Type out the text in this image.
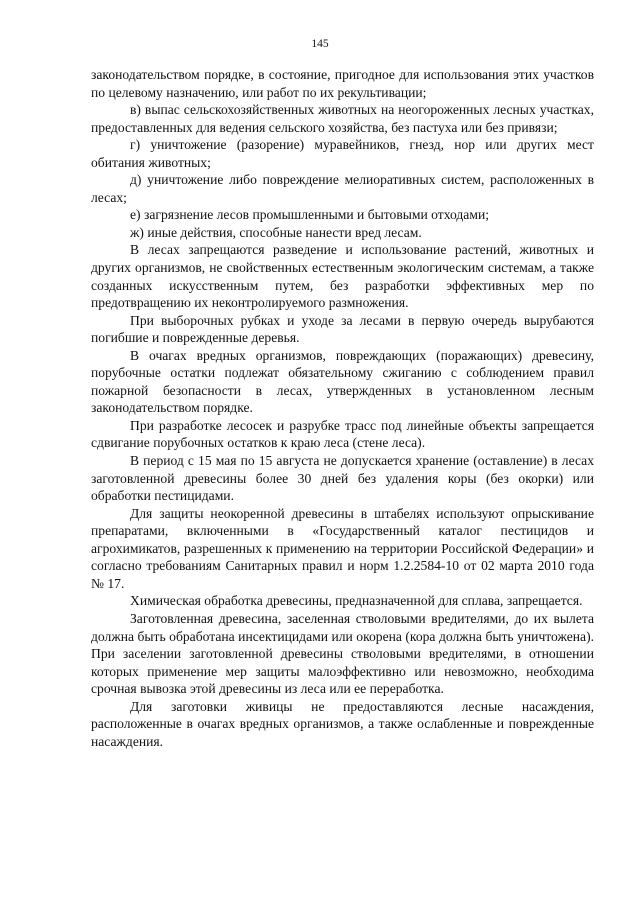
145

законодательством порядке, в состояние, пригодное для использования этих участков по целевому назначению, или работ по их рекультивации;

в) выпас сельскохозяйственных животных на неогороженных лесных участках, предоставленных для ведения сельского хозяйства, без пастуха или без привязи;

г) уничтожение (разорение) муравейников, гнезд, нор или других мест обитания животных;

д) уничтожение либо повреждение мелиоративных систем, расположенных в лесах;

е) загрязнение лесов промышленными и бытовыми отходами;

ж) иные действия, способные нанести вред лесам.

В лесах запрещаются разведение и использование растений, животных и других организмов, не свойственных естественным экологическим системам, а также созданных искусственным путем, без разработки эффективных мер по предотвращению их неконтролируемого размножения.

При выборочных рубках и уходе за лесами в первую очередь вырубаются погибшие и поврежденные деревья.

В очагах вредных организмов, повреждающих (поражающих) древесину, порубочные остатки подлежат обязательному сжиганию с соблюдением правил пожарной безопасности в лесах, утвержденных в установленном лесным законодательством порядке.

При разработке лесосек и разрубке трасс под линейные объекты запрещается сдвигание порубочных остатков к краю леса (стене леса).

В период с 15 мая по 15 августа не допускается хранение (оставление) в лесах заготовленной древесины более 30 дней без удаления коры (без окорки) или обработки пестицидами.

Для защиты неокоренной древесины в штабелях используют опрыскивание препаратами, включенными в «Государственный каталог пестицидов и агрохимикатов, разрешенных к применению на территории Российской Федерации» и согласно требованиям Санитарных правил и норм 1.2.2584-10 от 02 марта 2010 года № 17.

Химическая обработка древесины, предназначенной для сплава, запрещается.

Заготовленная древесина, заселенная стволовыми вредителями, до их вылета должна быть обработана инсектицидами или окорена (кора должна быть уничтожена). При заселении заготовленной древесины стволовыми вредителями, в отношении которых применение мер защиты малоэффективно или невозможно, необходима срочная вывозка этой древесины из леса или ее переработка.

Для заготовки живицы не предоставляются лесные насаждения, расположенные в очагах вредных организмов, а также ослабленные и поврежденные насаждения.
